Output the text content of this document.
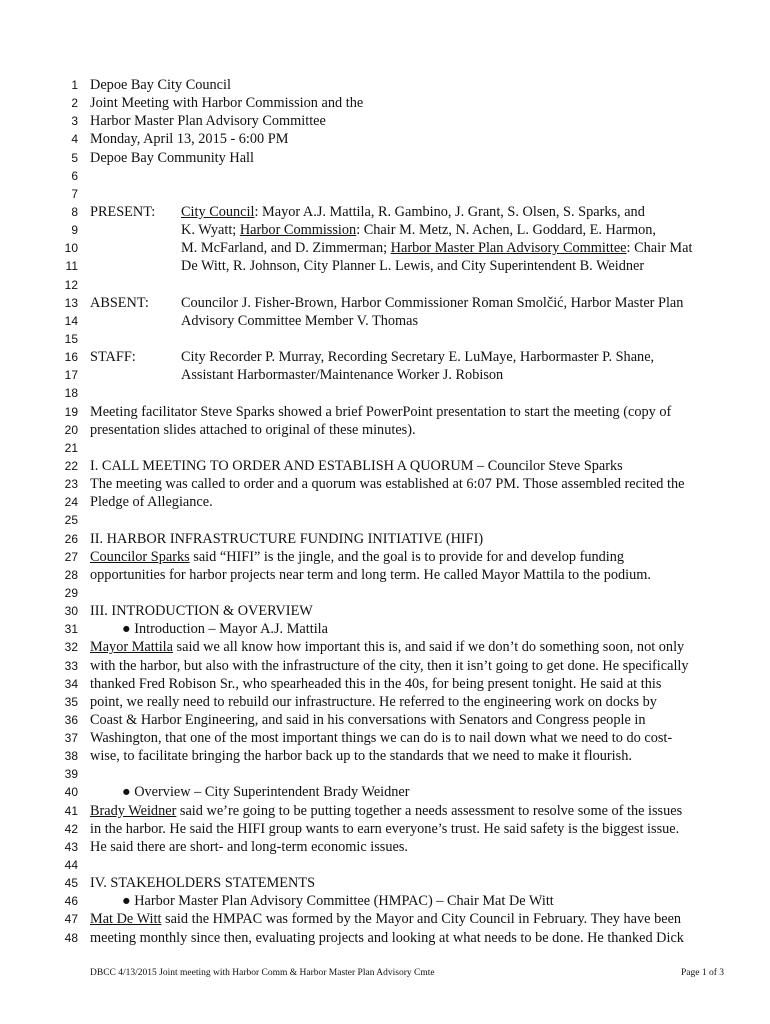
1 Depoe Bay City Council
2 Joint Meeting with Harbor Commission and the
3 Harbor Master Plan Advisory Committee
4 Monday, April 13, 2015 - 6:00 PM
5 Depoe Bay Community Hall
6
7
8 PRESENT: City Council: Mayor A.J. Mattila, R. Gambino, J. Grant, S. Olsen, S. Sparks, and
9	K. Wyatt; Harbor Commission: Chair M. Metz, N. Achen, L. Goddard, E. Harmon,
10	M. McFarland, and D. Zimmerman; Harbor Master Plan Advisory Committee: Chair Mat
11	De Witt, R. Johnson, City Planner L. Lewis, and City Superintendent B. Weidner
12
13 ABSENT: Councilor J. Fisher-Brown, Harbor Commissioner Roman Smolčić, Harbor Master Plan
14	Advisory Committee Member V. Thomas
15
16 STAFF:	City Recorder P. Murray, Recording Secretary E. LuMaye, Harbormaster P. Shane,
17	Assistant Harbormaster/Maintenance Worker J. Robison
18
19 Meeting facilitator Steve Sparks showed a brief PowerPoint presentation to start the meeting (copy of
20 presentation slides attached to original of these minutes).
21
22 I. CALL MEETING TO ORDER AND ESTABLISH A QUORUM – Councilor Steve Sparks
23 The meeting was called to order and a quorum was established at 6:07 PM. Those assembled recited the
24 Pledge of Allegiance.
25
26 II. HARBOR INFRASTRUCTURE FUNDING INITIATIVE (HIFI)
27 Councilor Sparks said “HIFI” is the jingle, and the goal is to provide for and develop funding
28 opportunities for harbor projects near term and long term. He called Mayor Mattila to the podium.
29
30 III. INTRODUCTION & OVERVIEW
31	● Introduction – Mayor A.J. Mattila
32 Mayor Mattila said we all know how important this is, and said if we don’t do something soon, not only
33 with the harbor, but also with the infrastructure of the city, then it isn’t going to get done. He specifically
34 thanked Fred Robison Sr., who spearheaded this in the 40s, for being present tonight. He said at this
35 point, we really need to rebuild our infrastructure. He referred to the engineering work on docks by
36 Coast & Harbor Engineering, and said in his conversations with Senators and Congress people in
37 Washington, that one of the most important things we can do is to nail down what we need to do cost-
38 wise, to facilitate bringing the harbor back up to the standards that we need to make it flourish.
39
40	● Overview – City Superintendent Brady Weidner
41 Brady Weidner said we’re going to be putting together a needs assessment to resolve some of the issues
42 in the harbor. He said the HIFI group wants to earn everyone’s trust. He said safety is the biggest issue.
43 He said there are short- and long-term economic issues.
44
45 IV. STAKEHOLDERS STATEMENTS
46	● Harbor Master Plan Advisory Committee (HMPAC) – Chair Mat De Witt
47 Mat De Witt said the HMPAC was formed by the Mayor and City Council in February. They have been
48 meeting monthly since then, evaluating projects and looking at what needs to be done. He thanked Dick
DBCC 4/13/2015 Joint meeting with Harbor Comm & Harbor Master Plan Advisory Cmte	Page 1 of 3
